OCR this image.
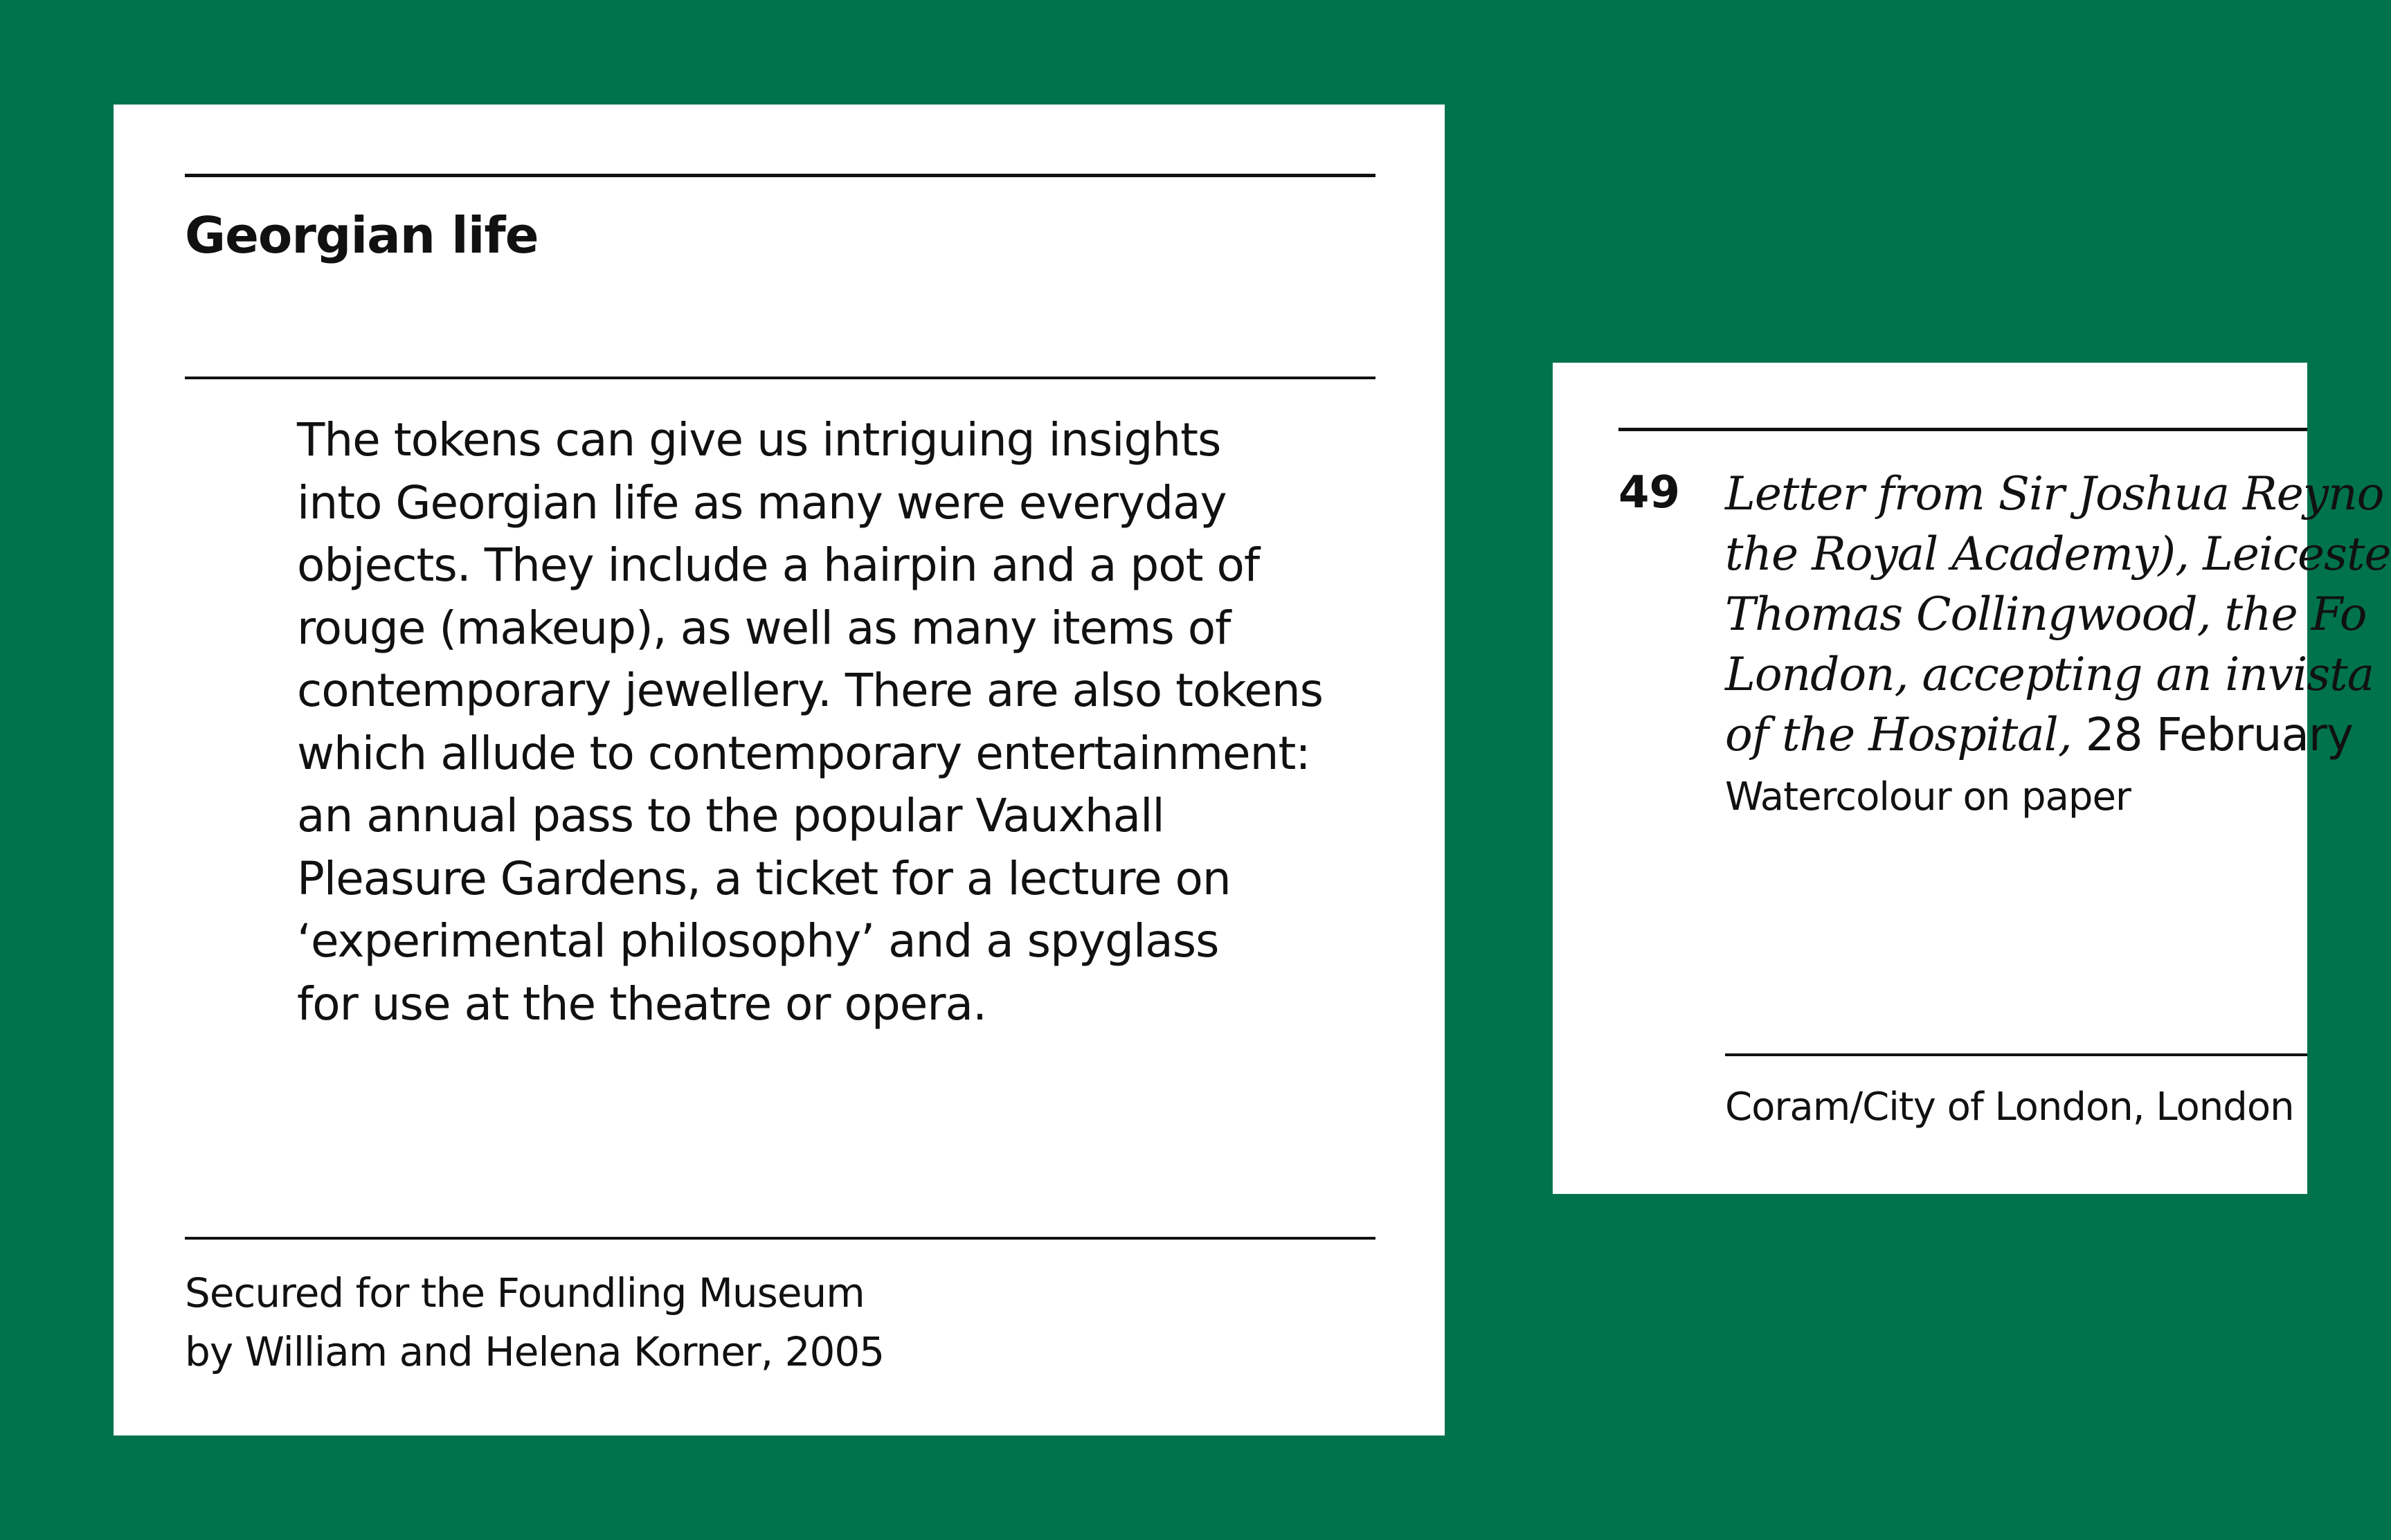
Georgian life
The tokens can give us intriguing insights
into Georgian life as many were everyday
objects. They include a hairpin and a pot of
rouge (makeup), as well as many items of
contemporary jewellery. There are also tokens
which allude to contemporary entertainment:
an annual pass to the popular Vauxhall
Pleasure Gardens, a ticket for a lecture on
‘experimental philosophy’ and a spyglass
for use at the theatre or opera.
Secured for the Foundling Museum
by William and Helena Korner, 2005
49 Letter from Sir Joshua Reyno
the Royal Academy), Leiceste
Thomas Collingwood, the Fo
London, accepting an invista
of the Hospital, 28 February
Watercolour on paper
Coram/City of London, London
